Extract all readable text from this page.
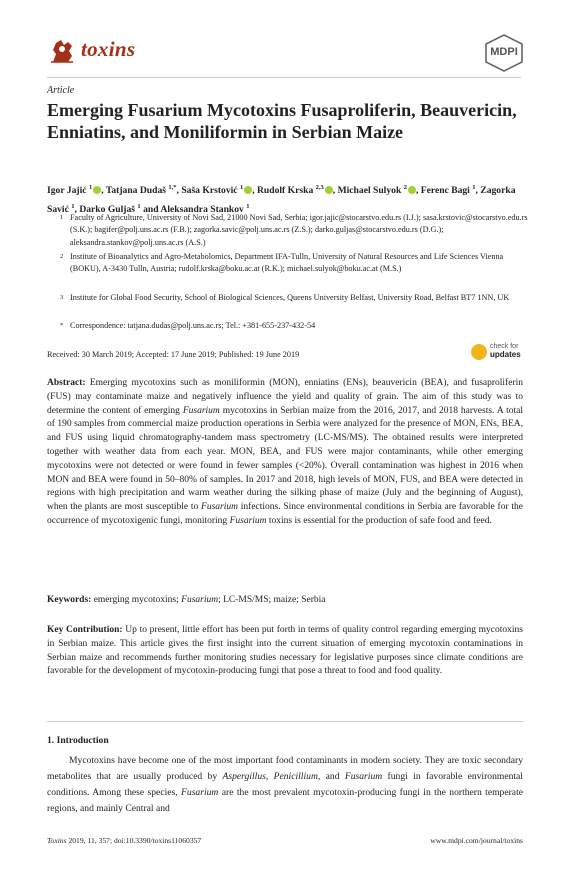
toxins	MDPI
Article
Emerging Fusarium Mycotoxins Fusaproliferin, Beauvericin, Enniatins, and Moniliformin in Serbian Maize
Igor Jajić $^1$ , Tatjana Dudaš $^{1,*}$, Saša Krstović $^1$ , Rudolf Krska $^{2,3}$ , Michael Sulyok $^2$ , Ferenc Bagi $^1$, Zagorka Savić $^1$, Darko Guljaš $^1$ and Aleksandra Stankov $^1$
1 Faculty of Agriculture, University of Novi Sad, 21000 Novi Sad, Serbia; igor.jajic@stocarstvo.edu.rs (I.J.); sasa.krstovic@stocarstvo.edu.rs (S.K.); bagifer@polj.uns.ac.rs (F.B.); zagorka.savic@polj.uns.ac.rs (Z.S.); darko.guljas@stocarstvo.edu.rs (D.G.); aleksandra.stankov@polj.uns.ac.rs (A.S.)
2 Institute of Bioanalytics and Agro-Metabolomics, Department IFA-Tulln, University of Natural Resources and Life Sciences Vienna (BOKU), A-3430 Tulln, Austria; rudolf.krska@boku.ac.at (R.K.); michael.sulyok@boku.ac.at (M.S.)
3 Institute for Global Food Security, School of Biological Sciences, Queens University Belfast, University Road, Belfast BT7 1NN, UK
* Correspondence: tatjana.dudas@polj.uns.ac.rs; Tel.: +381-655-237-432-54
Received: 30 March 2019; Accepted: 17 June 2019; Published: 19 June 2019
check for
updates
Abstract: Emerging mycotoxins such as moniliformin (MON), enniatins (ENs), beauvericin (BEA), and fusaproliferin (FUS) may contaminate maize and negatively influence the yield and quality of grain. The aim of this study was to determine the content of emerging Fusarium mycotoxins in Serbian maize from the 2016, 2017, and 2018 harvests. A total of 190 samples from commercial maize production operations in Serbia were analyzed for the presence of MON, ENs, BEA, and FUS using liquid chromatography-tandem mass spectrometry (LC-MS/MS). The obtained results were interpreted together with weather data from each year. MON, BEA, and FUS were major contaminants, while other emerging mycotoxins were not detected or were found in fewer samples (<20%). Overall contamination was highest in 2016 when MON and BEA were found in 50–80% of samples. In 2017 and 2018, high levels of MON, FUS, and BEA were detected in regions with high precipitation and warm weather during the silking phase of maize (July and the beginning of August), when the plants are most susceptible to Fusarium infections. Since environmental conditions in Serbia are favorable for the occurrence of mycotoxigenic fungi, monitoring Fusarium toxins is essential for the production of safe food and feed.
Keywords: emerging mycotoxins; Fusarium; LC-MS/MS; maize; Serbia
Key Contribution: Up to present, little effort has been put forth in terms of quality control regarding emerging mycotoxins in Serbian maize. This article gives the first insight into the current situation of emerging mycotoxin contaminations in Serbian maize and recommends further monitoring studies necessary for legislative purposes since climate conditions are favorable for the development of mycotoxin-producing fungi that pose a threat to food and food quality.
1. Introduction
Mycotoxins have become one of the most important food contaminants in modern society. They are toxic secondary metabolites that are usually produced by Aspergillus, Penicillium, and Fusarium fungi in favorable environmental conditions. Among these species, Fusarium are the most prevalent mycotoxin-producing fungi in the northern temperate regions, and mainly Central and
Toxins 2019, 11, 357; doi:10.3390/toxins11060357	www.mdpi.com/journal/toxins
